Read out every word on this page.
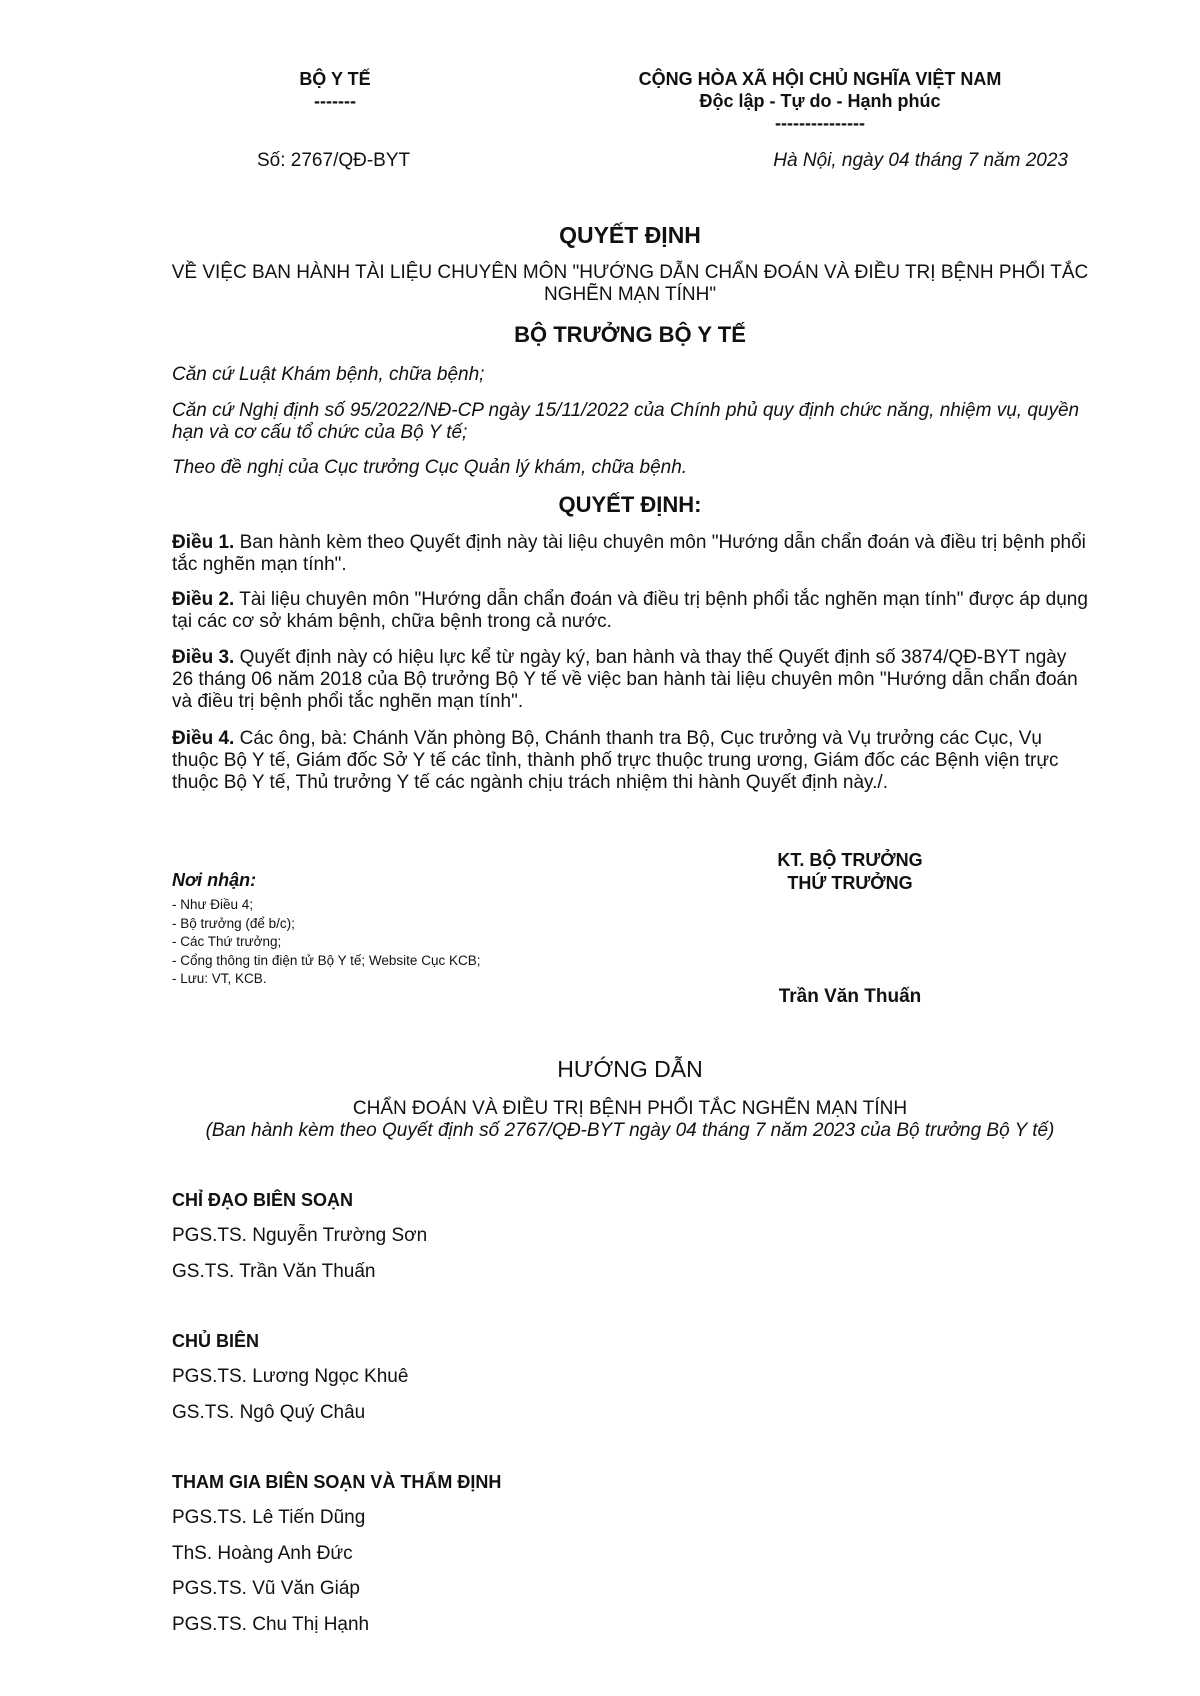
BỘ Y TẾ
-------
CỘNG HÒA XÃ HỘI CHỦ NGHĨA VIỆT NAM
Độc lập - Tự do - Hạnh phúc
---------------
Số: 2767/QĐ-BYT	Hà Nội, ngày 04 tháng 7 năm 2023
QUYẾT ĐỊNH
VỀ VIỆC BAN HÀNH TÀI LIỆU CHUYÊN MÔN "HƯỚNG DẪN CHẨN ĐOÁN VÀ ĐIỀU TRỊ BỆNH PHỔI TẮC NGHẼN MẠN TÍNH"
BỘ TRƯỞNG BỘ Y TẾ
Căn cứ Luật Khám bệnh, chữa bệnh;
Căn cứ Nghị định số 95/2022/NĐ-CP ngày 15/11/2022 của Chính phủ quy định chức năng, nhiệm vụ, quyền hạn và cơ cấu tổ chức của Bộ Y tế;
Theo đề nghị của Cục trưởng Cục Quản lý khám, chữa bệnh.
QUYẾT ĐỊNH:
Điều 1. Ban hành kèm theo Quyết định này tài liệu chuyên môn "Hướng dẫn chẩn đoán và điều trị bệnh phổi tắc nghẽn mạn tính".
Điều 2. Tài liệu chuyên môn "Hướng dẫn chẩn đoán và điều trị bệnh phổi tắc nghẽn mạn tính" được áp dụng tại các cơ sở khám bệnh, chữa bệnh trong cả nước.
Điều 3. Quyết định này có hiệu lực kể từ ngày ký, ban hành và thay thế Quyết định số 3874/QĐ-BYT ngày 26 tháng 06 năm 2018 của Bộ trưởng Bộ Y tế về việc ban hành tài liệu chuyên môn "Hướng dẫn chẩn đoán và điều trị bệnh phổi tắc nghẽn mạn tính".
Điều 4. Các ông, bà: Chánh Văn phòng Bộ, Chánh thanh tra Bộ, Cục trưởng và Vụ trưởng các Cục, Vụ thuộc Bộ Y tế, Giám đốc Sở Y tế các tỉnh, thành phố trực thuộc trung ương, Giám đốc các Bệnh viện trực thuộc Bộ Y tế, Thủ trưởng Y tế các ngành chịu trách nhiệm thi hành Quyết định này./.
KT. BỘ TRƯỞNG
THỨ TRƯỞNG
Nơi nhận:
- Như Điều 4;
- Bộ trưởng (để b/c);
- Các Thứ trưởng;
- Cổng thông tin điện tử Bộ Y tế; Website Cục KCB;
- Lưu: VT, KCB.
Trần Văn Thuấn
HƯỚNG DẪN
CHẨN ĐOÁN VÀ ĐIỀU TRỊ BỆNH PHỔI TẮC NGHẼN MẠN TÍNH
(Ban hành kèm theo Quyết định số 2767/QĐ-BYT ngày 04 tháng 7 năm 2023 của Bộ trưởng Bộ Y tế)
CHỈ ĐẠO BIÊN SOẠN
PGS.TS. Nguyễn Trường Sơn
GS.TS. Trần Văn Thuấn
CHỦ BIÊN
PGS.TS. Lương Ngọc Khuê
GS.TS. Ngô Quý Châu
THAM GIA BIÊN SOẠN VÀ THẨM ĐỊNH
PGS.TS. Lê Tiến Dũng
ThS. Hoàng Anh Đức
PGS.TS. Vũ Văn Giáp
PGS.TS. Chu Thị Hạnh
